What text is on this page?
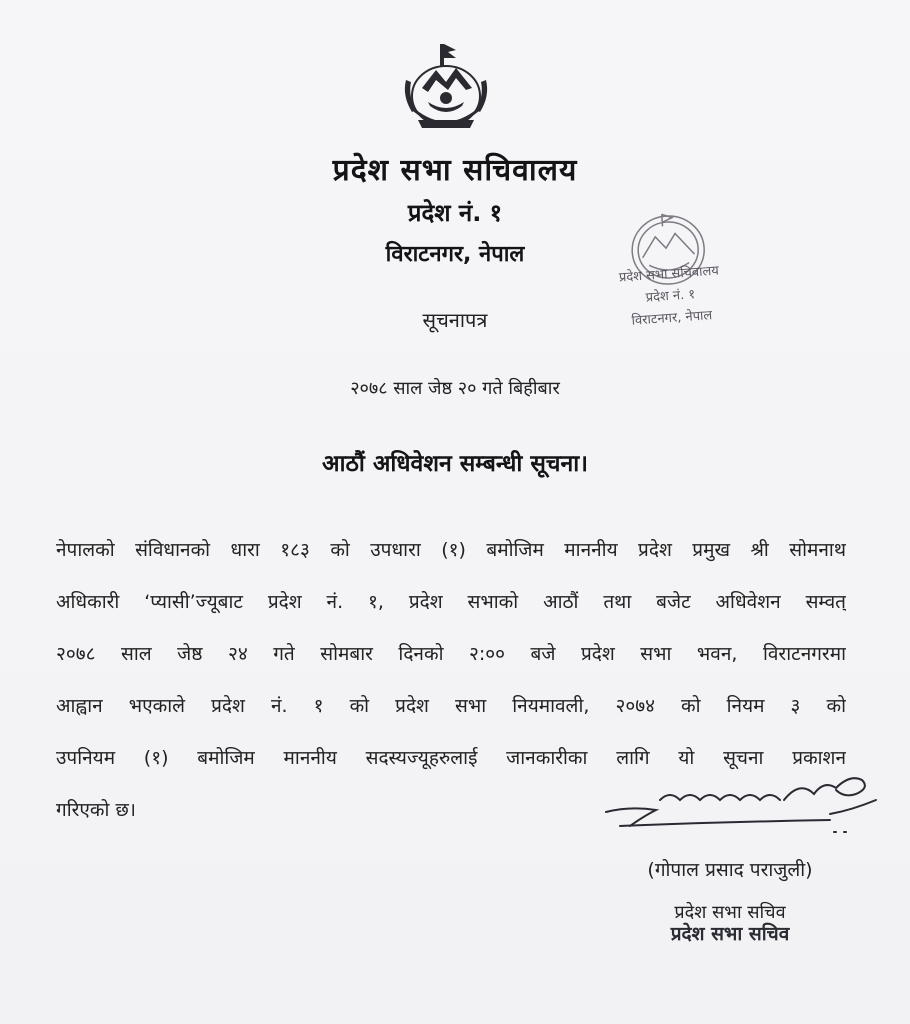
प्रदेश सभा सचिवालय
प्रदेश नं. १
विराटनगर, नेपाल
प्रदेश सभा सचिवालय
प्रदेश नं. १
विराटनगर, नेपाल
सूचनापत्र
२०७८ साल जेष्ठ २० गते बिहीबार
आठौं अधिवेशन सम्बन्धी सूचना।
नेपालको संविधानको धारा १८३ को उपधारा (१) बमोजिम माननीय प्रदेश प्रमुख श्री सोमनाथ
अधिकारी ‘प्यासी’ज्यूबाट प्रदेश नं. १, प्रदेश सभाको आठौं तथा बजेट अधिवेशन सम्वत्
२०७८ साल जेष्ठ २४ गते सोमबार दिनको २:०० बजे प्रदेश सभा भवन, विराटनगरमा
आह्वान भएकाले प्रदेश नं. १ को प्रदेश सभा नियमावली, २०७४ को नियम ३ को
उपनियम (१) बमोजिम माननीय सदस्यज्यूहरुलाई जानकारीका लागि यो सूचना प्रकाशन
गरिएको छ।
(गोपाल प्रसाद पराजुली)
प्रदेश सभा सचिव
प्रदेश सभा सचिव
